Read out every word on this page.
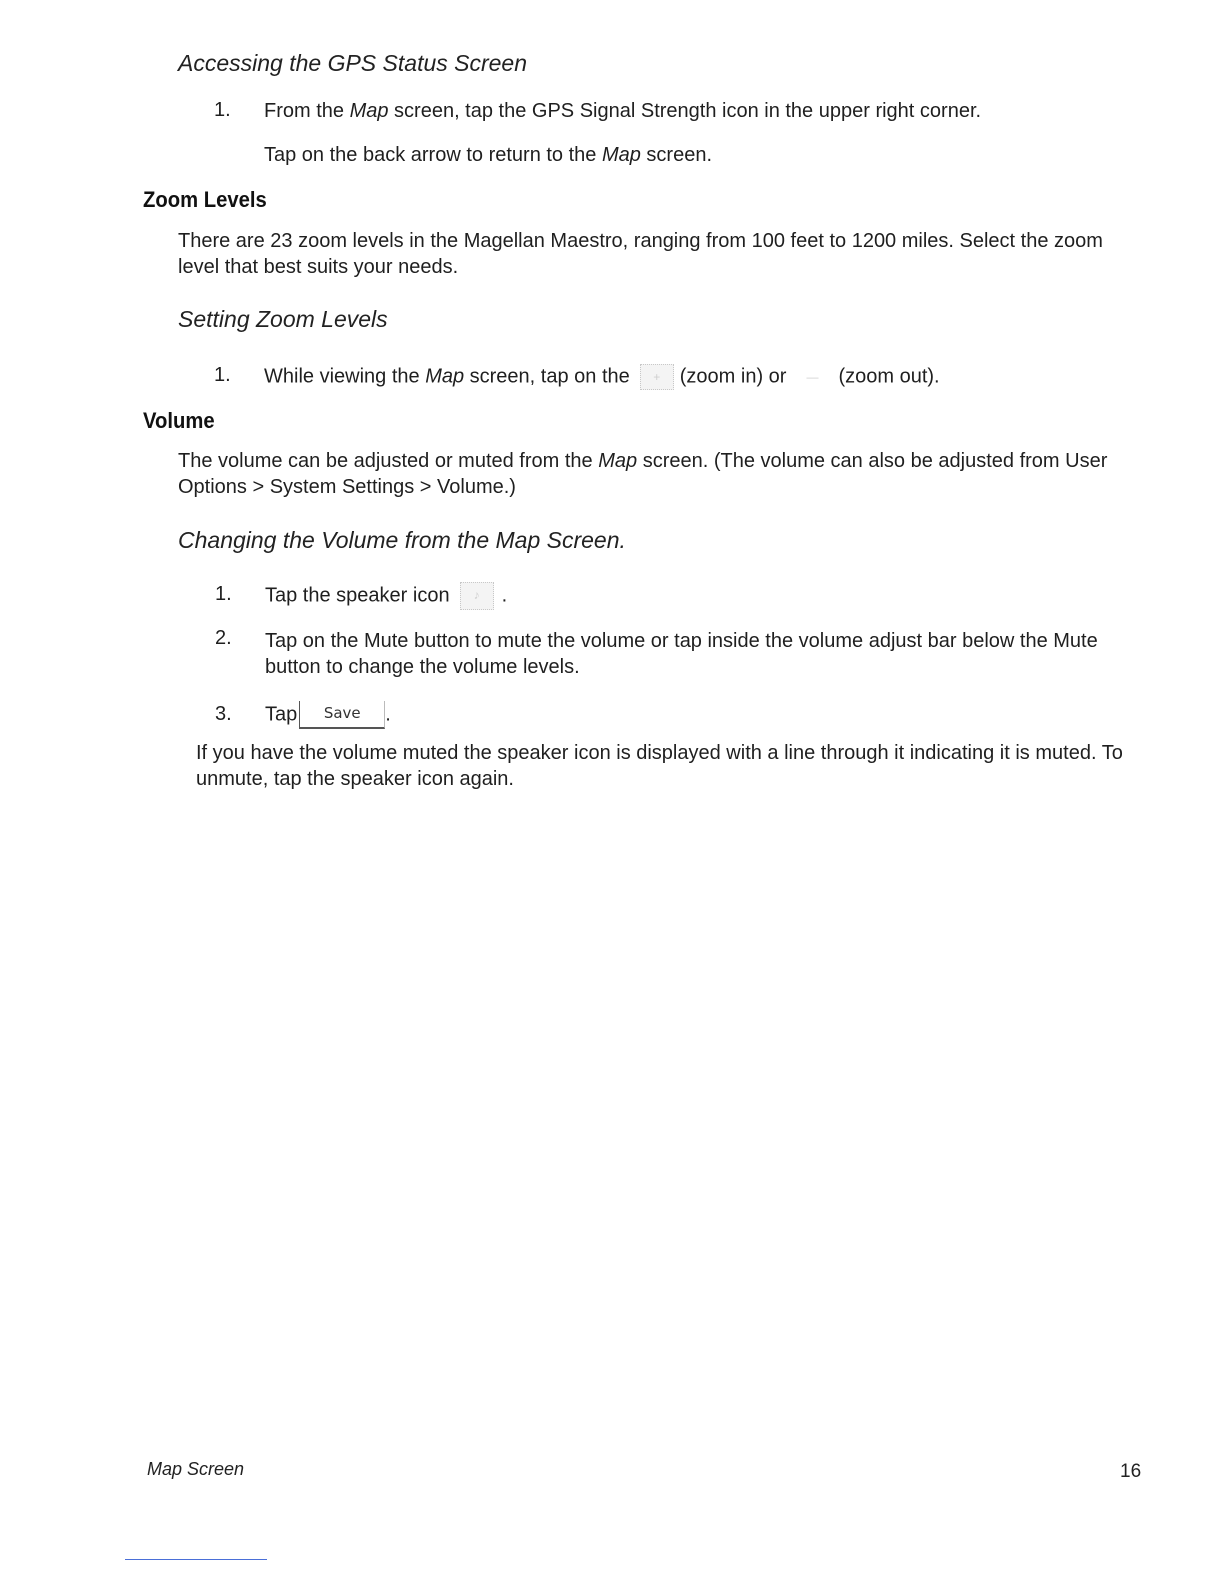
Accessing the GPS Status Screen
1. From the Map screen, tap the GPS Signal Strength icon in the upper right corner.
Tap on the back arrow to return to the Map screen.
Zoom Levels
There are 23 zoom levels in the Magellan Maestro, ranging from 100 feet to 1200 miles. Select the zoom level that best suits your needs.
Setting Zoom Levels
1. While viewing the Map screen, tap on the	+ (zoom in) or	—	(zoom out).
Volume
The volume can be adjusted or muted from the Map screen. (The volume can also be adjusted from User Options > System Settings > Volume.)
Changing the Volume from the Map Screen.
1. Tap the speaker icon	♪	.
2. Tap on the Mute button to mute the volume or tap inside the volume adjust bar below the Mute button to change the volume levels.
3. Tap Save .
If you have the volume muted the speaker icon is displayed with a line through it indicating it is muted. To unmute, tap the speaker icon again.
Map Screen	16
